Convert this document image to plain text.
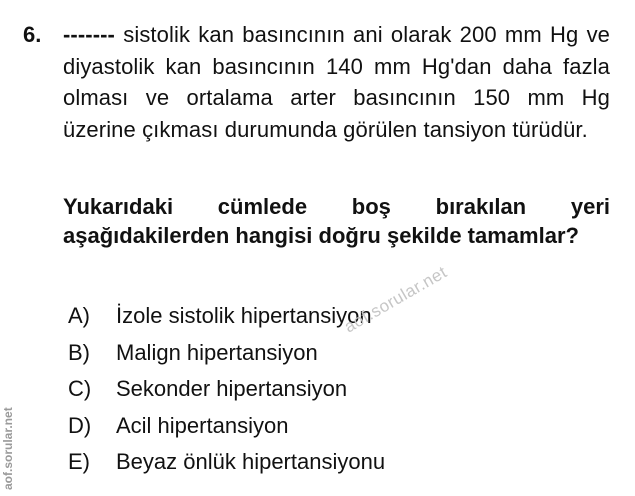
6. ------- sistolik kan basıncının ani olarak 200 mm Hg ve diyastolik kan basıncının 140 mm Hg'dan daha fazla olması ve ortalama arter basıncının 150 mm Hg üzerine çıkması durumunda görülen tansiyon türüdür.

Yukarıdaki cümlede boş bırakılan yeri aşağıdakilerden hangisi doğru şekilde tamamlar?

A) İzole sistolik hipertansiyon
B) Malign hipertansiyon
C) Sekonder hipertansiyon
D) Acil hipertansiyon
E) Beyaz önlük hipertansiyonu
aof.sorular.net
aof.sorular.net
